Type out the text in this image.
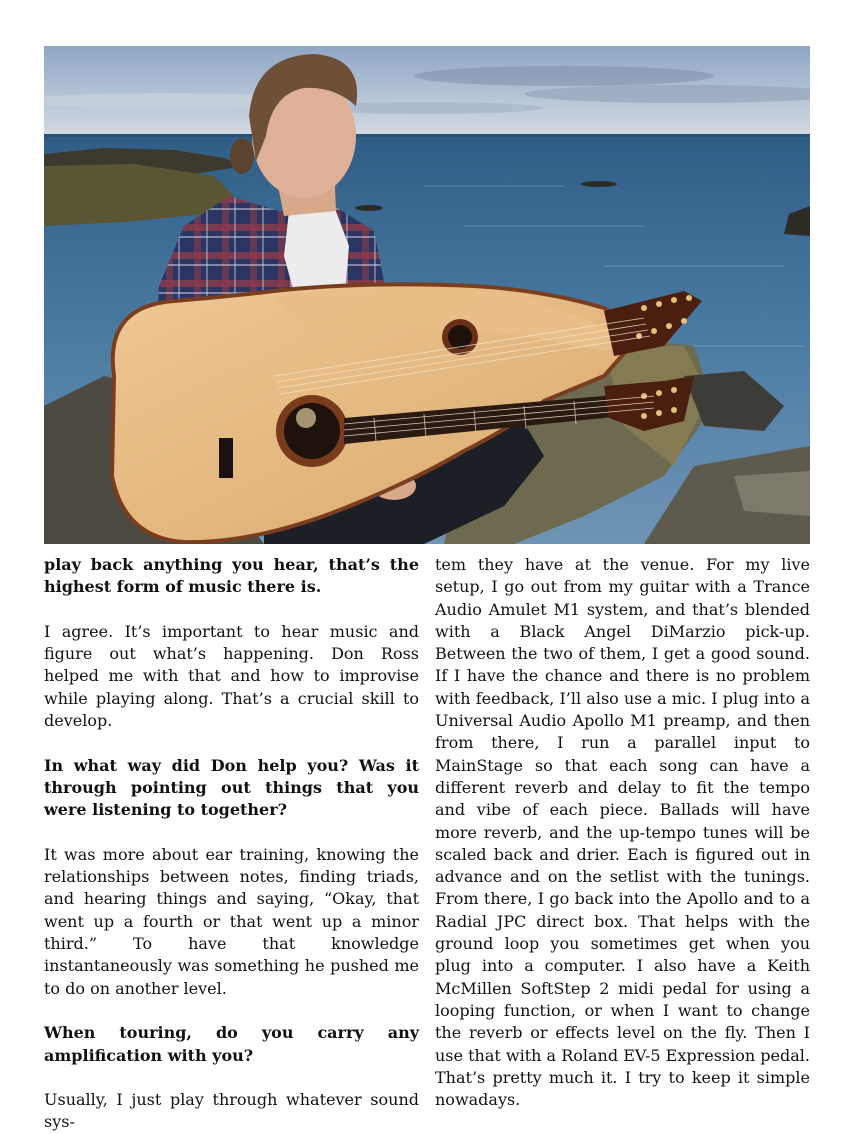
play back anything you hear, that’s the highest form of music there is.

I agree. It’s important to hear music and figure out what’s happening. Don Ross helped me with that and how to improvise while playing along. That’s a crucial skill to develop.

In what way did Don help you? Was it through pointing out things that you were listening to together?

It was more about ear training, knowing the relationships between notes, finding triads, and hearing things and saying, “Okay, that went up a fourth or that went up a minor third.” To have that knowledge instantaneously was something he pushed me to do on another level.

When touring, do you carry any amplification with you?

Usually, I just play through whatever sound sys-

tem they have at the venue. For my live setup, I go out from my guitar with a Trance Audio Amulet M1 system, and that’s blended with a Black Angel DiMarzio pick-up. Between the two of them, I get a good sound. If I have the chance and there is no problem with feedback, I’ll also use a mic. I plug into a Universal Audio Apollo M1 preamp, and then from there, I run a parallel input to MainStage so that each song can have a different reverb and delay to fit the tempo and vibe of each piece. Ballads will have more reverb, and the up-tempo tunes will be scaled back and drier. Each is figured out in advance and on the setlist with the tunings. From there, I go back into the Apollo and to a Radial JPC direct box. That helps with the ground loop you sometimes get when you plug into a computer. I also have a Keith McMillen SoftStep 2 midi pedal for using a looping function, or when I want to change the reverb or effects level on the fly. Then I use that with a Roland EV-5 Expression pedal. That’s pretty much it. I try to keep it simple nowadays.
